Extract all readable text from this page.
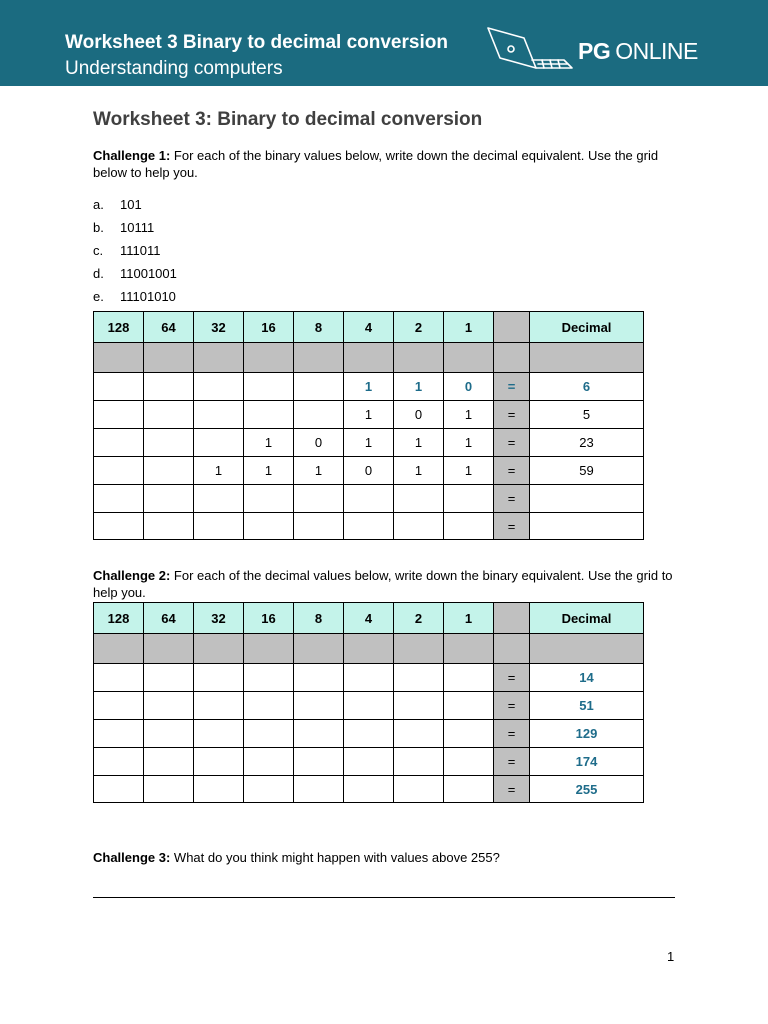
Worksheet 3 Binary to decimal conversion
Understanding computers
PG ONLINE
Worksheet 3: Binary to decimal conversion
Challenge 1: For each of the binary values below, write down the decimal equivalent. Use the grid below to help you.
a. 101
b. 10111
c. 111011
d. 11001001
e. 11101010
128	64	32	16	8	4	2	1		Decimal

					1	1	0	=	6
					1	0	1	=	5
			1	0	1	1	1	=	23
		1	1	1	0	1	1	=	59
								=	
								=	
Challenge 2: For each of the decimal values below, write down the binary equivalent. Use the grid to help you.
128	64	32	16	8	4	2	1		Decimal

								=	14
								=	51
								=	129
								=	174
								=	255
Challenge 3: What do you think might happen with values above 255?
1
